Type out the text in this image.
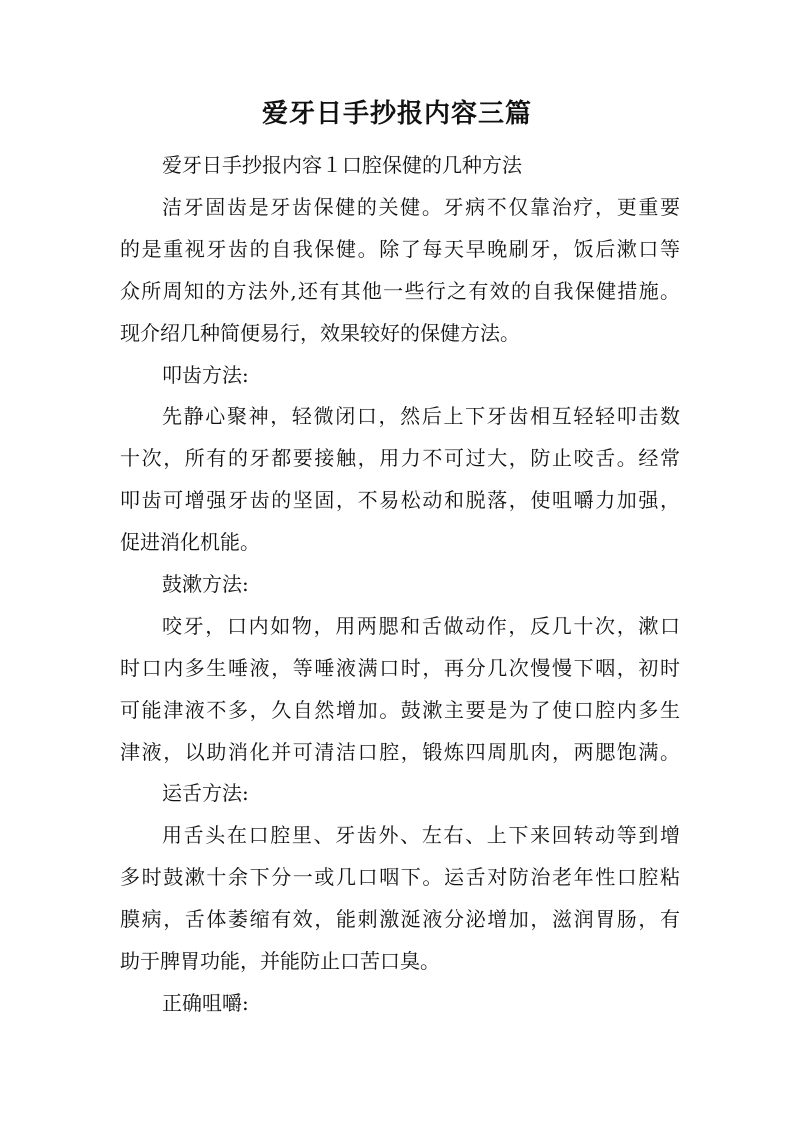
爱牙日手抄报内容三篇

爱牙日手抄报内容１口腔保健的几种方法

洁牙固齿是牙齿保健的关健。牙病不仅靠治疗，更重要

的是重视牙齿的自我保健。除了每天早晚刷牙，饭后漱口等

众所周知的方法外,还有其他一些行之有效的自我保健措施。

现介绍几种简便易行，效果较好的保健方法。

叩齿方法:

先静心聚神，轻微闭口，然后上下牙齿相互轻轻叩击数

十次，所有的牙都要接触，用力不可过大，防止咬舌。经常

叩齿可增强牙齿的坚固，不易松动和脱落，使咀嚼力加强，

促进消化机能。

鼓漱方法:

咬牙，口内如物，用两腮和舌做动作，反几十次，漱口

时口内多生唾液，等唾液满口时，再分几次慢慢下咽，初时

可能津液不多，久自然增加。鼓漱主要是为了使口腔内多生

津液，以助消化并可清洁口腔，锻炼四周肌肉，两腮饱满。

运舌方法:

用舌头在口腔里、牙齿外、左右、上下来回转动等到增

多时鼓漱十余下分一或几口咽下。运舌对防治老年性口腔粘

膜病，舌体萎缩有效，能刺激涎液分泌增加，滋润胃肠，有

助于脾胃功能，并能防止口苦口臭。

正确咀嚼:
